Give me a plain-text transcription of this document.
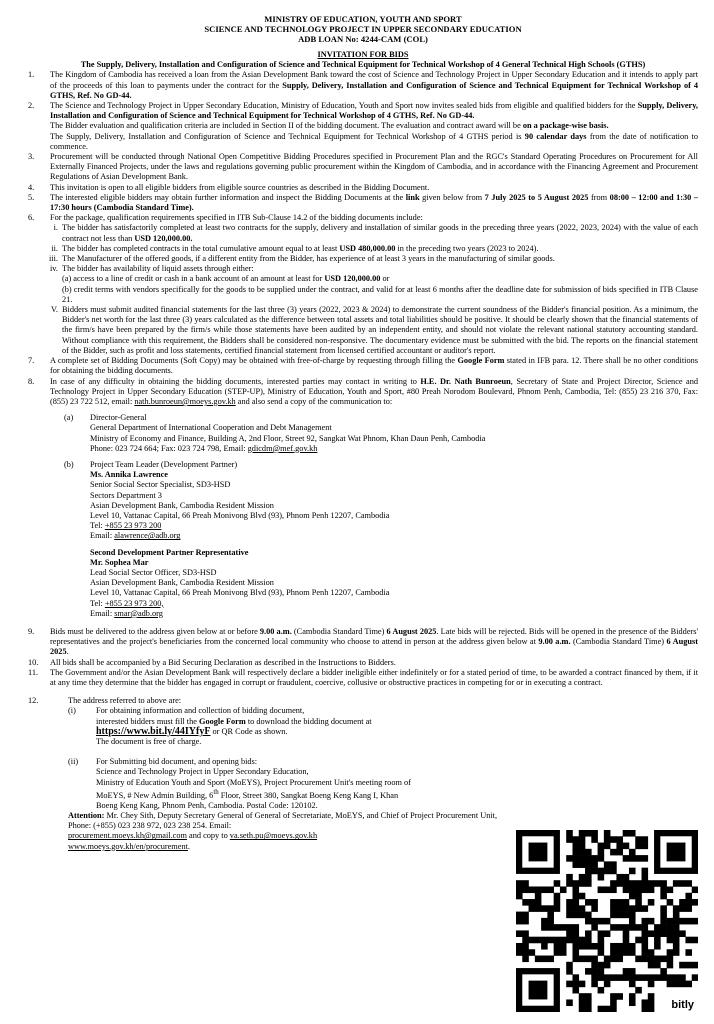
MINISTRY OF EDUCATION, YOUTH AND SPORT
SCIENCE AND TECHNOLOGY PROJECT IN UPPER SECONDARY EDUCATION
ADB LOAN No: 4244-CAM (COL)
INVITATION FOR BIDS
The Supply, Delivery, Installation and Configuration of Science and Technical Equipment for Technical Workshop of 4 General Technical High Schools (GTHS)
1. The Kingdom of Cambodia has received a loan from the Asian Development Bank toward the cost of Science and Technology Project in Upper Secondary Education and it intends to apply part of the proceeds of this loan to payments under the contract for the Supply, Delivery, Installation and Configuration of Science and Technical Equipment for Technical Workshop of 4 GTHS, Ref. No GD-44.
2. The Science and Technology Project in Upper Secondary Education, Ministry of Education, Youth and Sport now invites sealed bids from eligible and qualified bidders for the Supply, Delivery, Installation and Configuration of Science and Technical Equipment for Technical Workshop of 4 GTHS, Ref. No GD-44.

The Bidder evaluation and qualification criteria are included in Section II of the bidding document. The evaluation and contract award will be on a package-wise basis.

The Supply, Delivery, Installation and Configuration of Science and Technical Equipment for Technical Workshop of 4 GTHS period is 90 calendar days from the date of notification to commence.

3. Procurement will be conducted through National Open Competitive Bidding Procedures specified in Procurement Plan and the RGC's Standard Operating Procedures on Procurement for All Externally Financed Projects, under the laws and regulations governing public procurement within the Kingdom of Cambodia, and in accordance with the Financing Agreement and Procurement Regulations of Asian Development Bank.
4. This invitation is open to all eligible bidders from eligible source countries as described in the Bidding Document.
5. The interested eligible bidders may obtain further information and inspect the Bidding Documents at the link given below from 7 July 2025 to 5 August 2025 from 08:00 – 12:00 and 1:30 – 17:30 hours (Cambodia Standard Time).
6. For the package, qualification requirements specified in ITB Sub-Clause 14.2 of the bidding documents include:
i. The bidder has satisfactorily completed at least two contracts for the supply, delivery and installation of similar goods in the preceding three years (2022, 2023, 2024) with the value of each contract not less than USD 120,000.00.
ii. The bidder has completed contracts in the total cumulative amount equal to at least USD 480,000.00 in the preceding two years (2023 to 2024).
iii. The Manufacturer of the offered goods, if a different entity from the Bidder, has experience of at least 3 years in the manufacturing of similar goods.
iv. The bidder has availability of liquid assets through either:

(a) access to a line of credit or cash in a bank account of an amount at least for USD 120,000.00 or

(b) credit terms with vendors specifically for the goods to be supplied under the contract, and valid for at least 6 months after the deadline date for submission of bids specified in ITB Clause 21.

V. Bidders must submit audited financial statements for the last three (3) years (2022, 2023 & 2024) to demonstrate the current soundness of the Bidder's financial position. As a minimum, the Bidder's net worth for the last three (3) years calculated as the difference between total assets and total liabilities should be positive. It should be clearly shown that the financial statements of the firm/s have been prepared by the firm/s while those statements have been audited by an independent entity, and should not violate the relevant national statutory accounting standard. Without compliance with this requirement, the Bidders shall be considered non-responsive. The documentary evidence must be submitted with the bid. The reports on the financial statement of the Bidder, such as profit and loss statements, certified financial statement from licensed certified accountant or auditor's report.
7. A complete set of Bidding Documents (Soft Copy) may be obtained with free-of-charge by requesting through filling the Google Form stated in IFB para. 12. There shall be no other conditions for obtaining the bidding documents.
8. In case of any difficulty in obtaining the bidding documents, interested parties may contact in writing to H.E. Dr. Nath Bunroeun, Secretary of State and Project Director, Science and Technology Project in Upper Secondary Education (STEP-UP), Ministry of Education, Youth and Sport, #80 Preah Norodom Boulevard, Phnom Penh, Cambodia, Tel: (855) 23 216 370, Fax: (855) 23 722 512, email: nath.bunroeun@moeys.gov.kh and also send a copy of the communication to:
(a) Director-General

General Department of International Cooperation and Debt Management

Ministry of Economy and Finance, Building A, 2nd Floor, Street 92, Sangkat Wat Phnom, Khan Daun Penh, Cambodia

Phone: 023 724 664; Fax: 023 724 798, Email: gdicdm@mef.gov.kh

(b) Project Team Leader (Development Partner)

Ms. Annika Lawrence

Senior Social Sector Specialist, SD3-HSD

Sectors Department 3

Asian Development Bank, Cambodia Resident Mission

Level 10, Vattanac Capital, 66 Preah Monivong Blvd (93), Phnom Penh 12207, Cambodia

Tel: +855 23 973 200

Email: alawrence@adb.org

Second Development Partner Representative

Mr. Sophea Mar

Lead Social Sector Officer, SD3-HSD

Asian Development Bank, Cambodia Resident Mission

Level 10, Vattanac Capital, 66 Preah Monivong Blvd (93), Phnom Penh 12207, Cambodia

Tel: +855 23 973 200,

Email: smar@adb.org

9. Bids must be delivered to the address given below at or before 9.00 a.m. (Cambodia Standard Time) 6 August 2025. Late bids will be rejected. Bids will be opened in the presence of the Bidders' representatives and the project's beneficiaries from the concerned local community who choose to attend in person at the address given below at 9.00 a.m. (Cambodia Standard Time) 6 August 2025.
10. All bids shall be accompanied by a Bid Securing Declaration as described in the Instructions to Bidders.
11. The Government and/or the Asian Development Bank will respectively declare a bidder ineligible either indefinitely or for a stated period of time, to be awarded a contract financed by them, if it at any time they determine that the bidder has engaged in corrupt or fraudulent, coercive, collusive or obstructive practices in competing for or in executing a contract.
12.	The address referred to above are:
(i) For obtaining information and collection of bidding document,

interested bidders must fill the Google Form to download the bidding document at

https://www.bit.ly/44IYfyF or QR Code as shown.

The document is free of charge.

(ii) For Submitting bid document, and opening bids:

Science and Technology Project in Upper Secondary Education,

Ministry of Education Youth and Sport (MoEYS), Project Procurement Unit's meeting room of

MoEYS, # New Admin Building, 6th Floor, Street 380, Sangkat Boeng Keng Kang I, Khan

Boeng Keng Kang, Phnom Penh, Cambodia. Postal Code: 120102.

Attention: Mr. Chey Sith, Deputy Secretary General of General of Secretariate, MoEYS, and Chief of Project Procurement Unit, Phone: (+855) 023 238 972, 023 238 254. Email:
procurement.moeys.kh@gmail.com and copy to va.seth.pu@moeys.gov.kh
www.moeys.gov.kh/en/procurement.
bitly
